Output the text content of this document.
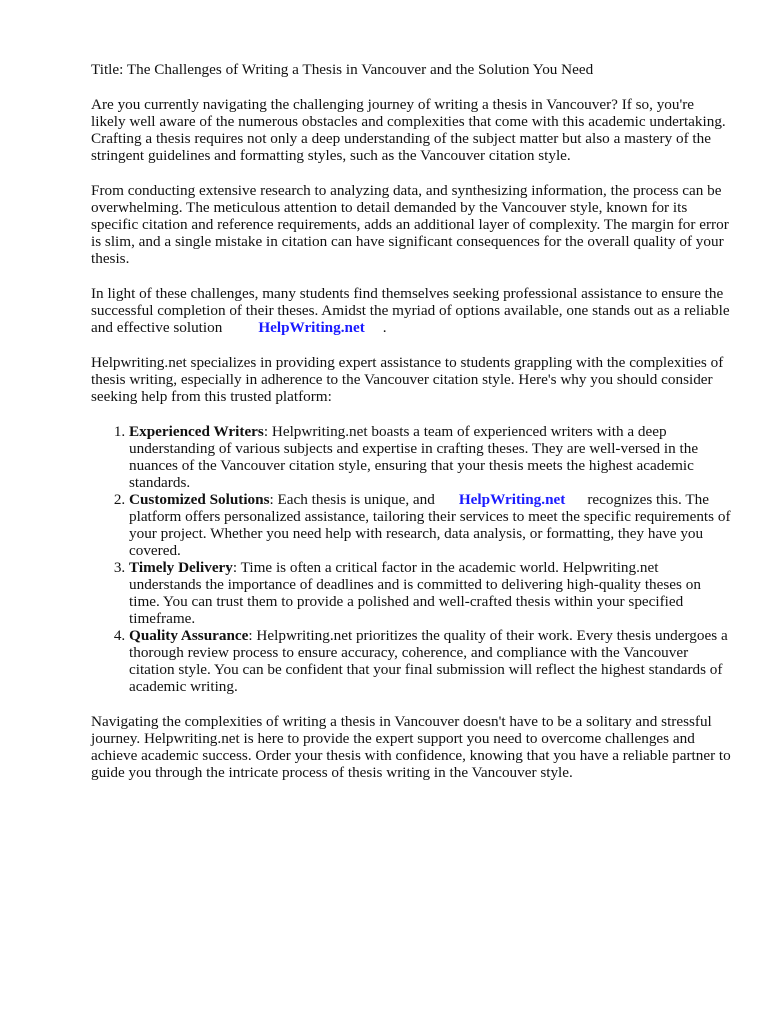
Title: The Challenges of Writing a Thesis in Vancouver and the Solution You Need

Are you currently navigating the challenging journey of writing a thesis in Vancouver? If so, you're likely well aware of the numerous obstacles and complexities that come with this academic undertaking. Crafting a thesis requires not only a deep understanding of the subject matter but also a mastery of the stringent guidelines and formatting styles, such as the Vancouver citation style.

From conducting extensive research to analyzing data, and synthesizing information, the process can be overwhelming. The meticulous attention to detail demanded by the Vancouver style, known for its specific citation and reference requirements, adds an additional layer of complexity. The margin for error is slim, and a single mistake in citation can have significant consequences for the overall quality of your thesis.

In light of these challenges, many students find themselves seeking professional assistance to ensure the successful completion of their theses. Amidst the myriad of options available, one stands out as a reliable and effective solution HelpWriting.net .

Helpwriting.net specializes in providing expert assistance to students grappling with the complexities of thesis writing, especially in adherence to the Vancouver citation style. Here's why you should consider seeking help from this trusted platform:

1. Experienced Writers: Helpwriting.net boasts a team of experienced writers with a deep understanding of various subjects and expertise in crafting theses. They are well-versed in the nuances of the Vancouver citation style, ensuring that your thesis meets the highest academic standards.
2. Customized Solutions: Each thesis is unique, and HelpWriting.net recognizes this. The platform offers personalized assistance, tailoring their services to meet the specific requirements of your project. Whether you need help with research, data analysis, or formatting, they have you covered.
3. Timely Delivery: Time is often a critical factor in the academic world. Helpwriting.net understands the importance of deadlines and is committed to delivering high-quality theses on time. You can trust them to provide a polished and well-crafted thesis within your specified timeframe.
4. Quality Assurance: Helpwriting.net prioritizes the quality of their work. Every thesis undergoes a thorough review process to ensure accuracy, coherence, and compliance with the Vancouver citation style. You can be confident that your final submission will reflect the highest standards of academic writing.

Navigating the complexities of writing a thesis in Vancouver doesn't have to be a solitary and stressful journey. Helpwriting.net is here to provide the expert support you need to overcome challenges and achieve academic success. Order your thesis with confidence, knowing that you have a reliable partner to guide you through the intricate process of thesis writing in the Vancouver style.
